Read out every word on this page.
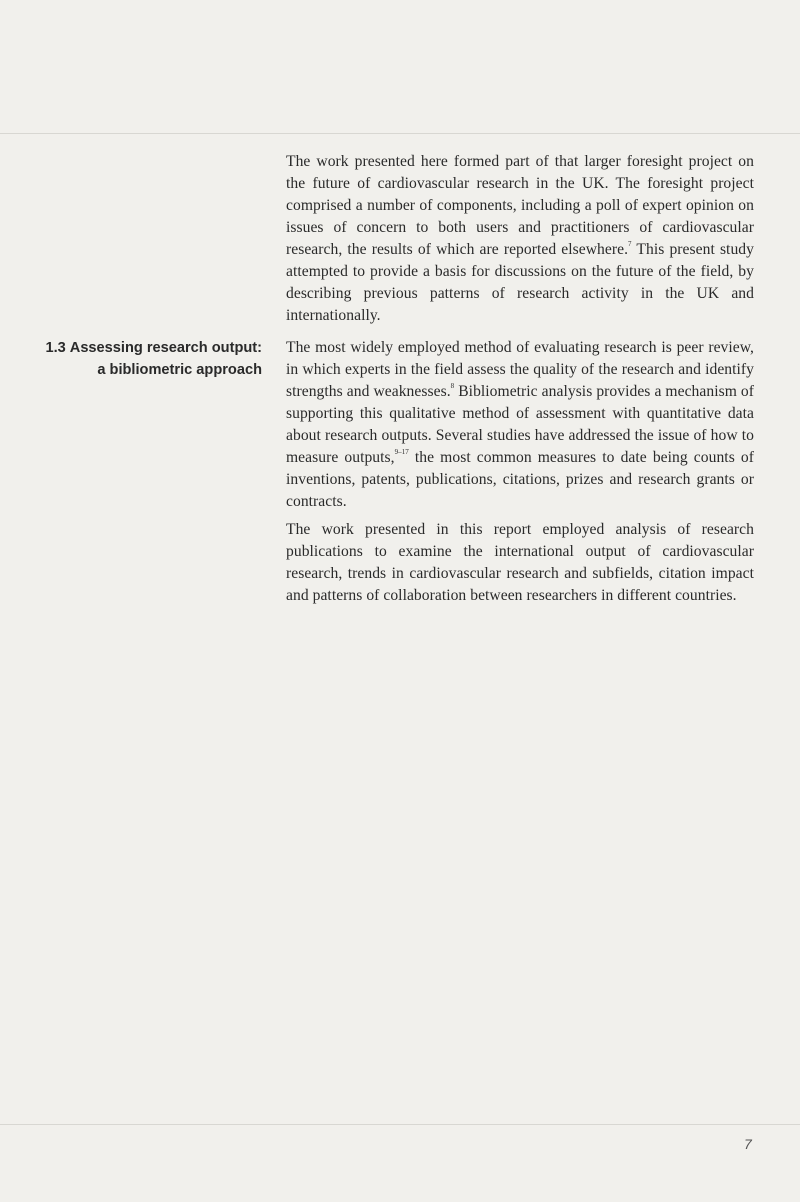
1.3 Assessing research output:
a bibliometric approach

The work presented here formed part of that larger foresight project on the future of cardiovascular research in the UK. The foresight project comprised a number of components, including a poll of expert opinion on issues of concern to both users and practitioners of cardiovascular research, the results of which are reported elsewhere.$^7$ This present study attempted to provide a basis for discussions on the future of the field, by describing previous patterns of research activity in the UK and internationally.

The most widely employed method of evaluating research is peer review, in which experts in the field assess the quality of the research and identify strengths and weaknesses.$^8$ Bibliometric analysis provides a mechanism of supporting this qualitative method of assessment with quantitative data about research outputs. Several studies have addressed the issue of how to measure outputs,$^{9-17}$ the most common measures to date being counts of inventions, patents, publications, citations, prizes and research grants or contracts.

The work presented in this report employed analysis of research publications to examine the international output of cardiovascular research, trends in cardiovascular research and subfields, citation impact and patterns of collaboration between researchers in different countries.

7
